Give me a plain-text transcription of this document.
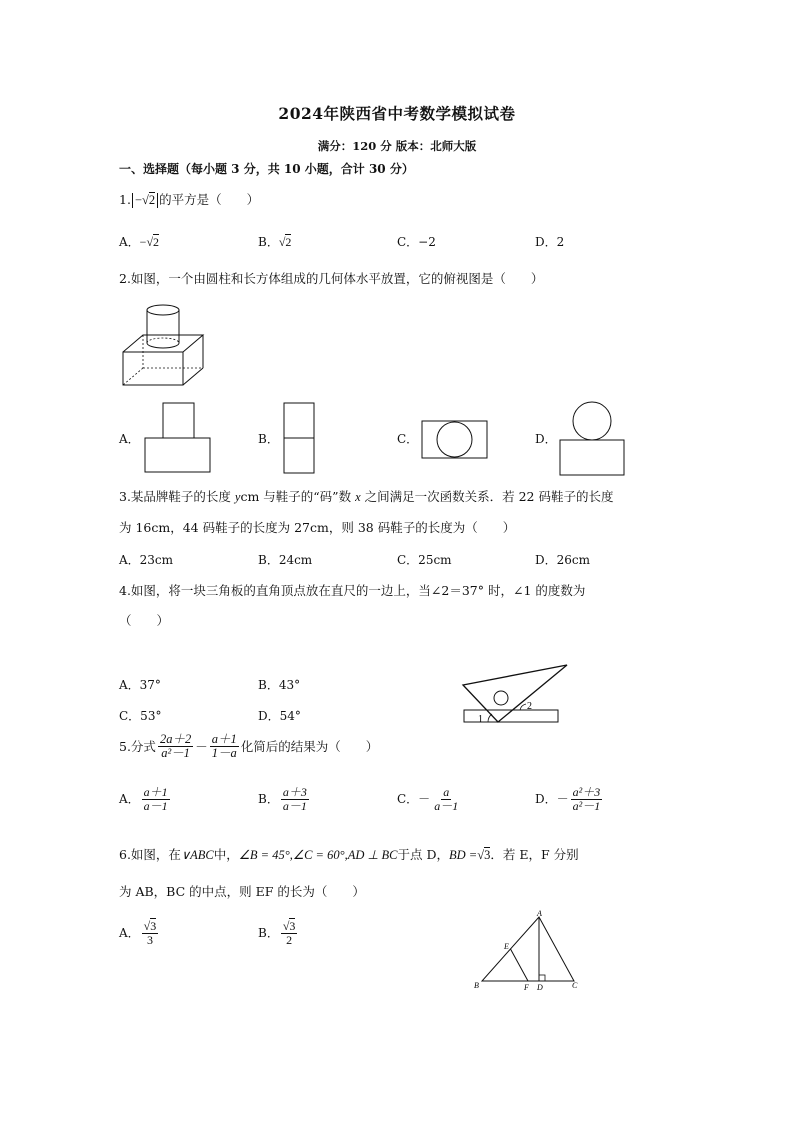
2024年陕西省中考数学模拟试卷
满分：120 分 版本：北师大版
一、选择题（每小题 3 分，共 10 小题，合计 30 分）
1. −√2 的平方是（　　）
A．−√2	B．√2	C．−2	D．2
2.如图，一个由圆柱和长方体组成的几何体水平放置，它的俯视图是（　　）
A．	B．	C．	D．
3.某品牌鞋子的长度 ycm 与鞋子的“码”数 x 之间满足一次函数关系．若 22 码鞋子的长度
为 16cm，44 码鞋子的长度为 27cm，则 38 码鞋子的长度为（　　）
A．23cm	B．24cm	C．25cm	D．26cm
4.如图，将一块三角板的直角顶点放在直尺的一边上，当∠2＝37° 时，∠1 的度数为
（　　）
A．37°	B．43°
C．53°	D．54°	1
2
5.分式 $\frac{2a+2}{\text{a²－1}} - \frac{a+1}{1-a}$ 化简后的结果为（　　）
A． $\frac{a+1}{a-1}$	B． $\frac{a+3}{a-1}$	C．－ $\frac{a}{a-1}$	D．－ $\frac{\text{a²＋3}}{\text{a²－1}}$
6.如图，在∨ABC中，∠B = 45°,∠C = 60°,AD ⊥ BC于点 D，BD =√3．若 E，F 分别
为 AB，BC 的中点，则 EF 的长为（　　）
A． $\frac{√3}{3}$	B． $\frac{√3}{2}$
A
B	C
D
E
F
